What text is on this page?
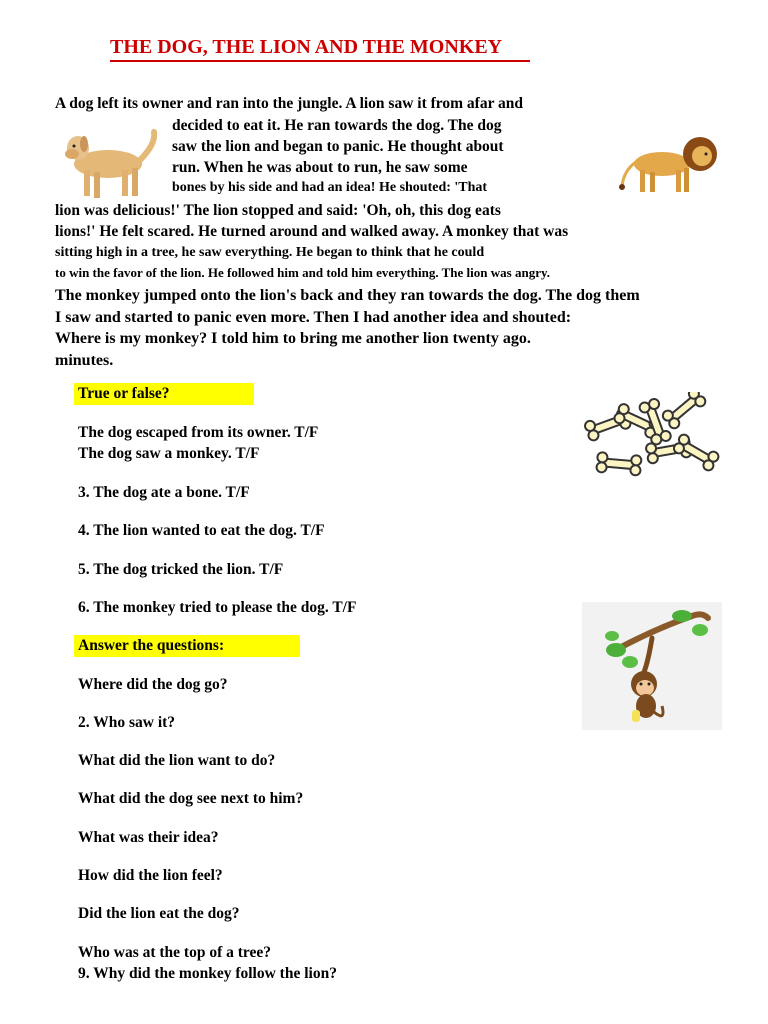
THE DOG, THE LION AND THE MONKEY
A dog left its owner and ran into the jungle. A lion saw it from afar and
decided to eat it. He ran towards the dog. The dog
saw the lion and began to panic. He thought about
run. When he was about to run, he saw some
bones by his side and had an idea! He shouted: 'That
lion was delicious!' The lion stopped and said: 'Oh, oh, this dog eats
lions!' He felt scared. He turned around and walked away. A monkey that was
sitting high in a tree, he saw everything. He began to think that he could
to win the favor of the lion. He followed him and told him everything. The lion was angry.
The monkey jumped onto the lion's back and they ran towards the dog. The dog them
I saw and started to panic even more. Then I had another idea and shouted:
Where is my monkey? I told him to bring me another lion twenty ago.
minutes.
True or false?
The dog escaped from its owner. T/F
The dog saw a monkey. T/F
3. The dog ate a bone. T/F
4. The lion wanted to eat the dog. T/F
5. The dog tricked the lion. T/F
6. The monkey tried to please the dog. T/F
Answer the questions:
Where did the dog go?
2. Who saw it?
What did the lion want to do?
What did the dog see next to him?
What was their idea?
How did the lion feel?
Did the lion eat the dog?
Who was at the top of a tree?
9. Why did the monkey follow the lion?
